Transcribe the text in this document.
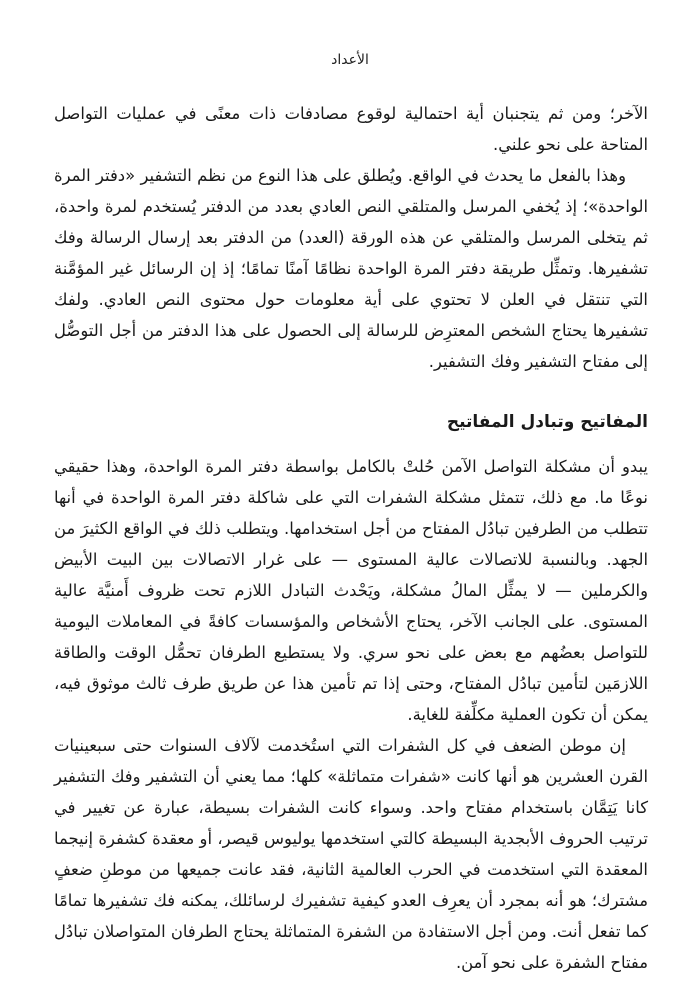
الأعداد

الآخر؛ ومن ثم يتجنبان أية احتمالية لوقوع مصادفات ذات معنًى في عمليات التواصل المتاحة على نحو علني.

وهذا بالفعل ما يحدث في الواقع. ويُطلق على هذا النوع من نظم التشفير «دفتر المرة الواحدة»؛ إذ يُخفي المرسل والمتلقي النص العادي بعدد من الدفتر يُستخدم لمرة واحدة، ثم يتخلى المرسل والمتلقي عن هذه الورقة (العدد) من الدفتر بعد إرسال الرسالة وفك تشفيرها. وتمثِّل طريقة دفتر المرة الواحدة نظامًا آمنًا تمامًا؛ إذ إن الرسائل غير المؤمَّنة التي تنتقل في العلن لا تحتوي على أية معلومات حول محتوى النص العادي. ولفك تشفيرها يحتاج الشخص المعترِض للرسالة إلى الحصول على هذا الدفتر من أجل التوصُّل إلى مفتاح التشفير وفك التشفير.

المفاتيح وتبادل المفاتيح

يبدو أن مشكلة التواصل الآمن حُلتْ بالكامل بواسطة دفتر المرة الواحدة، وهذا حقيقي نوعًا ما. مع ذلك، تتمثل مشكلة الشفرات التي على شاكلة دفتر المرة الواحدة في أنها تتطلب من الطرفين تبادُل المفتاح من أجل استخدامها. ويتطلب ذلك في الواقع الكثيرَ من الجهد. وبالنسبة للاتصالات عالية المستوى — على غرار الاتصالات بين البيت الأبيض والكرملين — لا يمثِّل المالُ مشكلة، ويَحْدث التبادل اللازم تحت ظروف أَمنيَّة عالية المستوى. على الجانب الآخر، يحتاج الأشخاص والمؤسسات كافةً في المعاملات اليومية للتواصل بعضُهم مع بعض على نحو سري. ولا يستطيع الطرفان تحمُّل الوقت والطاقة اللازمَين لتأمين تبادُل المفتاح، وحتى إذا تم تأمين هذا عن طريق طرف ثالث موثوق فيه، يمكن أن تكون العملية مكلِّفة للغاية.

إن موطن الضعف في كل الشفرات التي استُخدمت لآلاف السنوات حتى سبعينيات القرن العشرين هو أنها كانت «شفرات متماثلة» كلها؛ مما يعني أن التشفير وفك التشفير كانا يَتِمَّان باستخدام مفتاح واحد. وسواء كانت الشفرات بسيطة، عبارة عن تغيير في ترتيب الحروف الأبجدية البسيطة كالتي استخدمها يوليوس قيصر، أو معقدة كشفرة إنيجما المعقدة التي استخدمت في الحرب العالمية الثانية، فقد عانت جميعها من موطنِ ضعفٍ مشترك؛ هو أنه بمجرد أن يعرِف العدو كيفية تشفيرك لرسائلك، يمكنه فك تشفيرها تمامًا كما تفعل أنت. ومن أجل الاستفادة من الشفرة المتماثلة يحتاج الطرفان المتواصلان تبادُل مفتاح الشفرة على نحو آمن.
